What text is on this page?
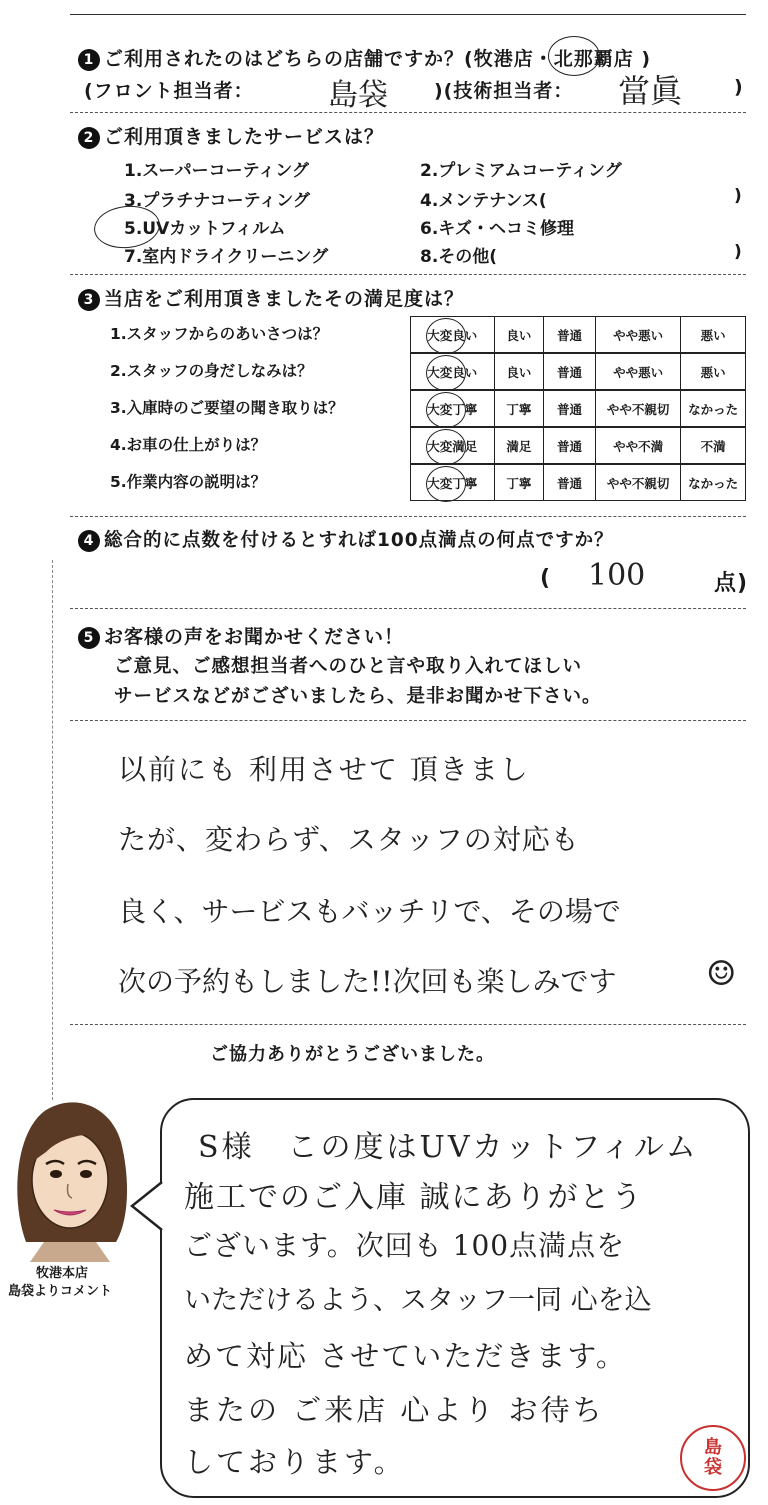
1 ご利用されたのはどちらの店舗ですか？(牧港店・北那覇店 )
(フロント担当者： 島袋 )(技術担当者： 當眞	)
2 ご利用頂きましたサービスは？
1.スーパーコーティング	2.プレミアムコーティング
3.プラチナコーティング	4.メンテナンス(	)
5.UVカットフィルム	6.キズ・ヘコミ修理
7.室内ドライクリーニング	8.その他(	)
3 当店をご利用頂きましたその満足度は？
1.スタッフからのあいさつは？	大変良い	良い	普通	やや悪い	悪い
2.スタッフの身だしなみは？	大変良い	良い	普通	やや悪い	悪い
3.入庫時のご要望の聞き取りは？	大変丁寧	丁寧	普通	やや不親切	なかった
4.お車の仕上がりは？	大変満足	満足	普通	やや不満	不満
5.作業内容の説明は？	大変丁寧	丁寧	普通	やや不親切	なかった
4 総合的に点数を付けるとすれば100点満点の何点ですか？
( 100	点)
5 お客様の声をお聞かせください！
ご意見、ご感想担当者へのひと言や取り入れてほしい
サービスなどがございましたら、是非お聞かせ下さい。
以前にも 利用させて 頂きまし
たが、変わらず、スタッフの対応も
良く、サービスもバッチリで、その場で
次の予約もしました!!次回も楽しみです	☺
ご協力ありがとうございました。
牧港本店
島袋よりコメント
S様　この度はUVカットフィルム
施工でのご入庫 誠にありがとう
ございます。次回も 100点満点を
いただけるよう、スタッフ一同 心を込
めて対応 させていただきます。
またの ご来店 心より お待ち
しております。	島
袋
